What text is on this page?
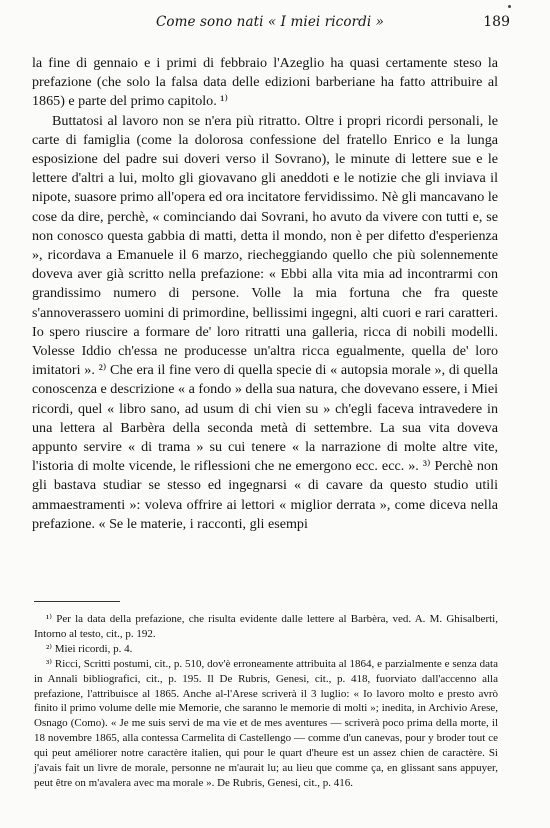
Come sono nati « I miei ricordi »	189

la fine di gennaio e i primi di febbraio l'Azeglio ha quasi certamente steso la prefazione (che solo la falsa data delle edizioni barberiane ha fatto attribuire al 1865) e parte del primo capitolo. ¹⁾

Buttatosi al lavoro non se n'era più ritratto. Oltre i propri ricordi personali, le carte di famiglia (come la dolorosa confessione del fratello Enrico e la lunga esposizione del padre sui doveri verso il Sovrano), le minute di lettere sue e le lettere d'altri a lui, molto gli giovavano gli aneddoti e le notizie che gli inviava il nipote, suasore primo all'opera ed ora incitatore fervidissimo. Nè gli mancavano le cose da dire, perchè, « cominciando dai Sovrani, ho avuto da vivere con tutti e, se non conosco questa gabbia di matti, detta il mondo, non è per difetto d'esperienza », ricordava a Emanuele il 6 marzo, riecheggiando quello che più solennemente doveva aver già scritto nella prefazione: « Ebbi alla vita mia ad incontrarmi con grandissimo numero di persone. Volle la mia fortuna che fra queste s'annoverassero uomini di primordine, bellissimi ingegni, alti cuori e rari caratteri. Io spero riuscire a formare de' loro ritratti una galleria, ricca di nobili modelli. Volesse Iddio ch'essa ne producesse un'altra ricca egualmente, quella de' loro imitatori ». ²⁾ Che era il fine vero di quella specie di « autopsia morale », di quella conoscenza e descrizione « a fondo » della sua natura, che dovevano essere, i Miei ricordi, quel « libro sano, ad usum di chi vien su » ch'egli faceva intravedere in una lettera al Barbèra della seconda metà di settembre. La sua vita doveva appunto servire « di trama » su cui tenere « la narrazione di molte altre vite, l'istoria di molte vicende, le riflessioni che ne emergono ecc. ecc. ». ³⁾ Perchè non gli bastava studiar se stesso ed ingegnarsi « di cavare da questo studio utili ammaestramenti »: voleva offrire ai lettori « miglior derrata », come diceva nella prefazione. « Se le materie, i racconti, gli esempi

¹⁾ Per la data della prefazione, che risulta evidente dalle lettere al Barbèra, ved. A. M. Ghisalberti, Intorno al testo, cit., p. 192.

²⁾ Miei ricordi, p. 4.

³⁾ Ricci, Scritti postumi, cit., p. 510, dov'è erroneamente attribuita al 1864, e parzialmente e senza data in Annali bibliografici, cit., p. 195. Il De Rubris, Genesi, cit., p. 418, fuorviato dall'accenno alla prefazione, l'attribuisce al 1865. Anche al-l'Arese scriverà il 3 luglio: « Io lavoro molto e presto avrò finito il primo volume delle mie Memorie, che saranno le memorie di molti »; inedita, in Archivio Arese, Osnago (Como). « Je me suis servi de ma vie et de mes aventures — scriverà poco prima della morte, il 18 novembre 1865, alla contessa Carmelita di Castellengo — comme d'un canevas, pour y broder tout ce qui peut améliorer notre caractère italien, qui pour le quart d'heure est un assez chien de caractère. Si j'avais fait un livre de morale, personne ne m'aurait lu; au lieu que comme ça, en glissant sans appuyer, peut être on m'avalera avec ma morale ». De Rubris, Genesi, cit., p. 416.
